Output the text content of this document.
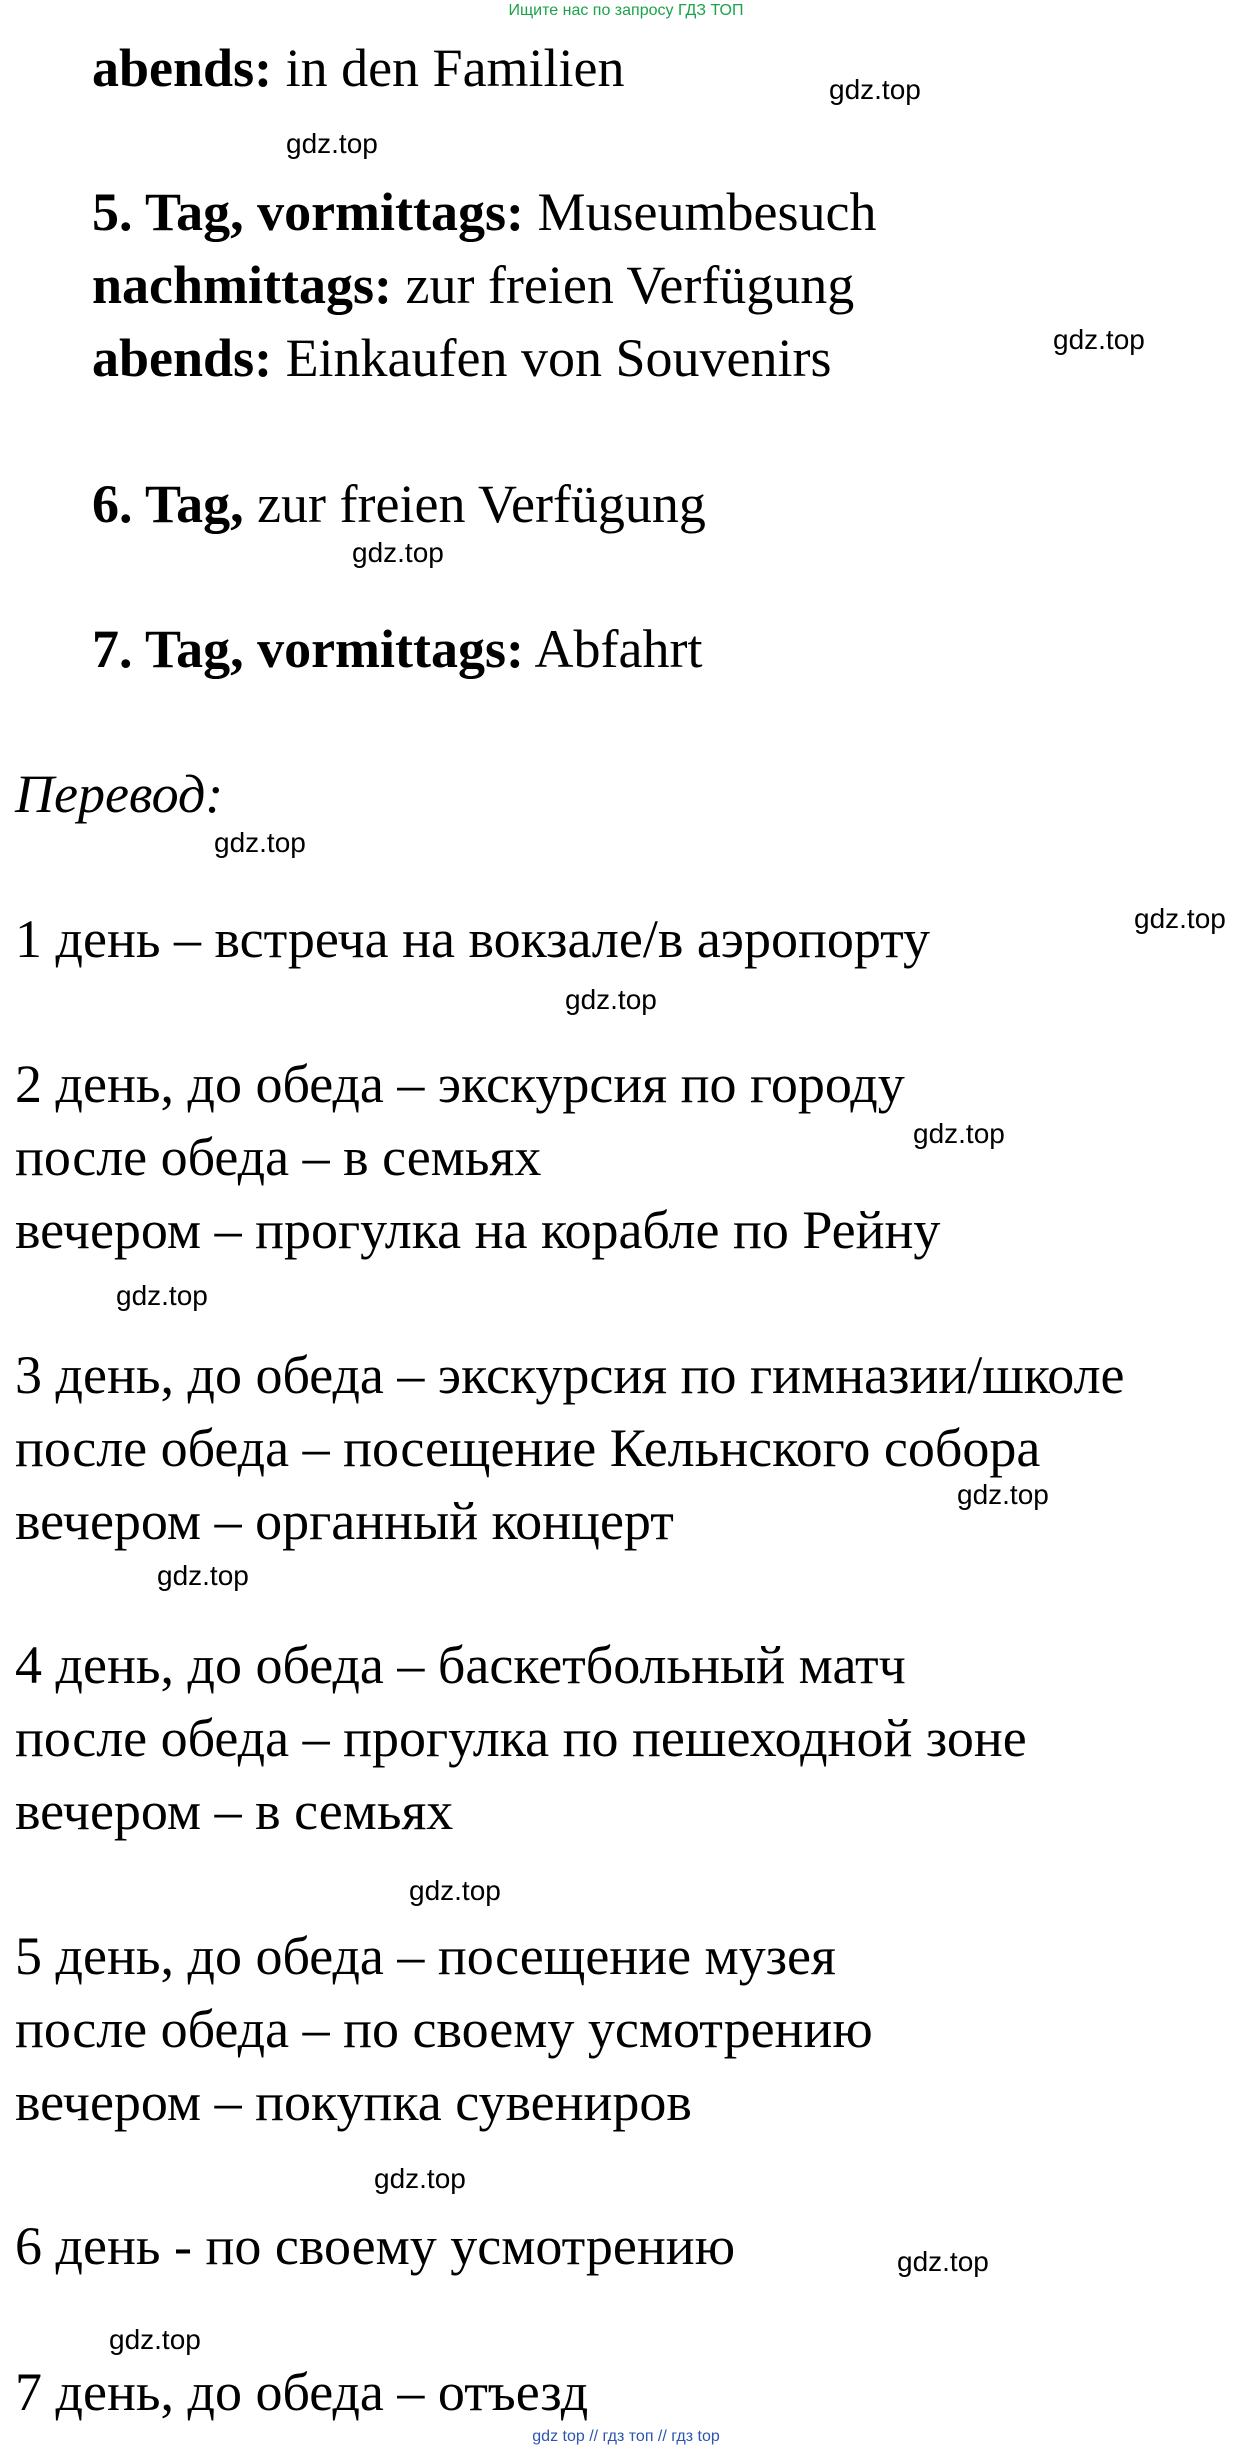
Ищите нас по запросу ГДЗ ТОП
abends: in den Familien
5. Tag, vormittags: Museumbesuch
nachmittags: zur freien Verfügung
abends: Einkaufen von Souvenirs
6. Tag, zur freien Verfügung
7. Tag, vormittags: Abfahrt
Перевод:
1 день – встреча на вокзале/в аэропорту
2 день, до обеда – экскурсия по городу
после обеда – в семьях
вечером – прогулка на корабле по Рейну
3 день, до обеда – экскурсия по гимназии/школе
после обеда – посещение Кельнского собора
вечером – органный концерт
4 день, до обеда – баскетбольный матч
после обеда – прогулка по пешеходной зоне
вечером – в семьях
5 день, до обеда – посещение музея
после обеда – по своему усмотрению
вечером – покупка сувениров
6 день - по своему усмотрению
7 день, до обеда – отъезд
gdz.top
gdz.top
gdz.top
gdz.top
gdz.top
gdz.top
gdz.top
gdz.top
gdz.top
gdz.top
gdz.top
gdz.top
gdz.top
gdz.top
gdz.top
gdz top // гдз топ // гдз top
